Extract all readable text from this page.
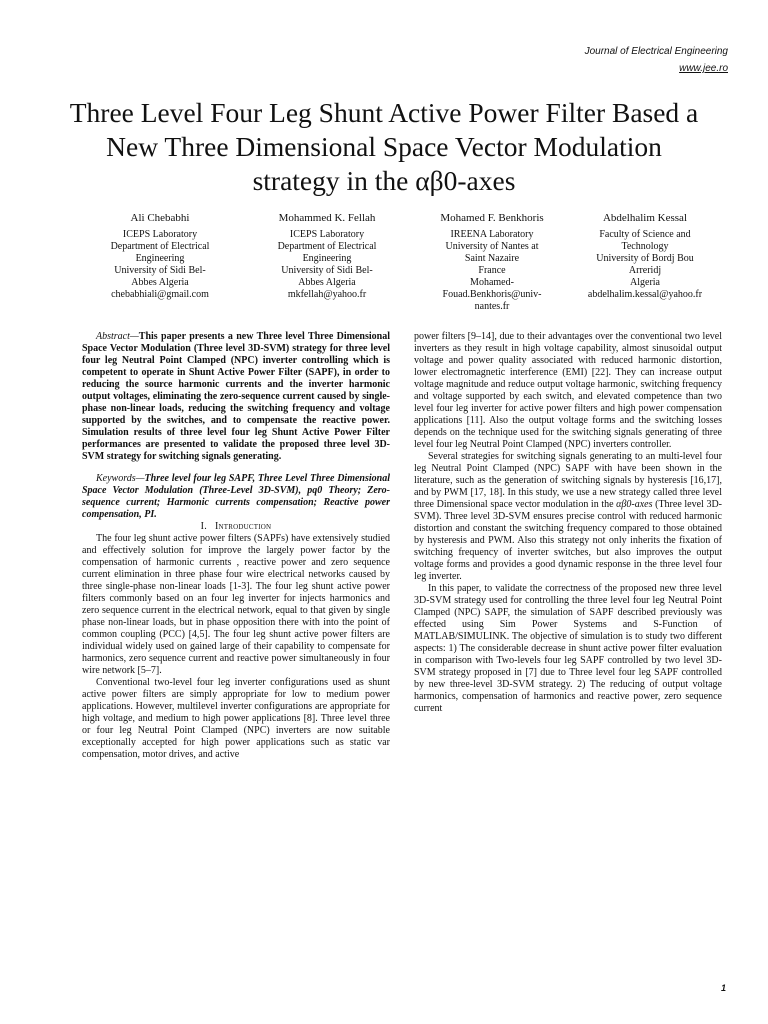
Journal of Electrical Engineering
www.jee.ro
Three Level Four Leg Shunt Active Power Filter Based a New Three Dimensional Space Vector Modulation strategy in the αβ0-axes
Ali Chebabhi
ICEPS Laboratory
Department of Electrical
Engineering
University of Sidi Bel-
Abbes Algeria
chebabhiali@gmail.com
Mohammed K. Fellah
ICEPS Laboratory
Department of Electrical
Engineering
University of Sidi Bel-
Abbes Algeria
mkfellah@yahoo.fr
Mohamed F. Benkhoris
IREENA Laboratory
University of Nantes at
Saint Nazaire
France
Mohamed-
Fouad.Benkhoris@univ-
nantes.fr
Abdelhalim Kessal
Faculty of Science and
Technology
University of Bordj Bou
Arreridj
Algeria
abdelhalim.kessal@yahoo.fr

Abstract—This paper presents a new Three level Three Dimensional Space Vector Modulation (Three level 3D-SVM) strategy for three level four leg Neutral Point Clamped (NPC) inverter controlling which is competent to operate in Shunt Active Power Filter (SAPF), in order to reducing the source harmonic currents and the inverter harmonic output voltages, eliminating the zero-sequence current caused by single-phase non-linear loads, reducing the switching frequency and voltage supported by the switches, and to compensate the reactive power. Simulation results of three level four leg Shunt Active Power Filter performances are presented to validate the proposed three level 3D-SVM strategy for switching signals generating.

Keywords—Three level four leg SAPF, Three Level Three Dimensional Space Vector Modulation (Three-Level 3D-SVM), pq0 Theory; Zero-sequence current; Harmonic currents compensation; Reactive power compensation, PI.

I. Introduction

The four leg shunt active power filters (SAPFs) have extensively studied and effectively solution for improve the largely power factor by the compensation of harmonic currents , reactive power and zero sequence current elimination in three phase four wire electrical networks caused by three single-phase non-linear loads [1-3]. The four leg shunt active power filters commonly based on an four leg inverter for injects harmonics and zero sequence current in the electrical network, equal to that given by single phase non-linear loads, but in phase opposition there with into the point of common coupling (PCC) [4,5]. The four leg shunt active power filters are individual widely used on gained large of their capability to compensate for harmonics, zero sequence current and reactive power simultaneously in four wire network [5–7].

Conventional two-level four leg inverter configurations used as shunt active power filters are simply appropriate for low to medium power applications. However, multilevel inverter configurations are appropriate for high voltage, and medium to high power applications [8]. Three level three or four leg Neutral Point Clamped (NPC) inverters are now suitable exceptionally accepted for high power applications such as static var compensation, motor drives, and active

power filters [9–14], due to their advantages over the conventional two level inverters as they result in high voltage capability, almost sinusoidal output voltage and power quality associated with reduced harmonic distortion, lower electromagnetic interference (EMI) [22]. They can increase output voltage magnitude and reduce output voltage harmonic, switching frequency and voltage supported by each switch, and elevated competence than two level four leg inverter for active power filters and high power compensation applications [11]. Also the output voltage forms and the switching losses depends on the technique used for the switching signals generating of three level four leg Neutral Point Clamped (NPC) inverters controller.

Several strategies for switching signals generating to an multi-level four leg Neutral Point Clamped (NPC) SAPF with have been shown in the literature, such as the generation of switching signals by hysteresis [16,17], and by PWM [17, 18]. In this study, we use a new strategy called three level three Dimensional space vector modulation in the αβ0-axes (Three level 3D-SVM). Three level 3D-SVM ensures precise control with reduced harmonic distortion and constant the switching frequency compared to those obtained by hysteresis and PWM. Also this strategy not only inherits the fixation of switching frequency of inverter switches, but also improves the output voltage forms and provides a good dynamic response in the three level four leg inverter.

In this paper, to validate the correctness of the proposed new three level 3D-SVM strategy used for controlling the three level four leg Neutral Point Clamped (NPC) SAPF, the simulation of SAPF described previously was effected using Sim Power Systems and S-Function of MATLAB/SIMULINK. The objective of simulation is to study two different aspects: 1) The considerable decrease in shunt active power filter evaluation in comparison with Two-levels four leg SAPF controlled by two level 3D-SVM strategy proposed in [7] due to Three level four leg SAPF controlled by new three-level 3D-SVM strategy. 2) The reducing of output voltage harmonics, compensation of harmonics and reactive power, zero sequence current

1
